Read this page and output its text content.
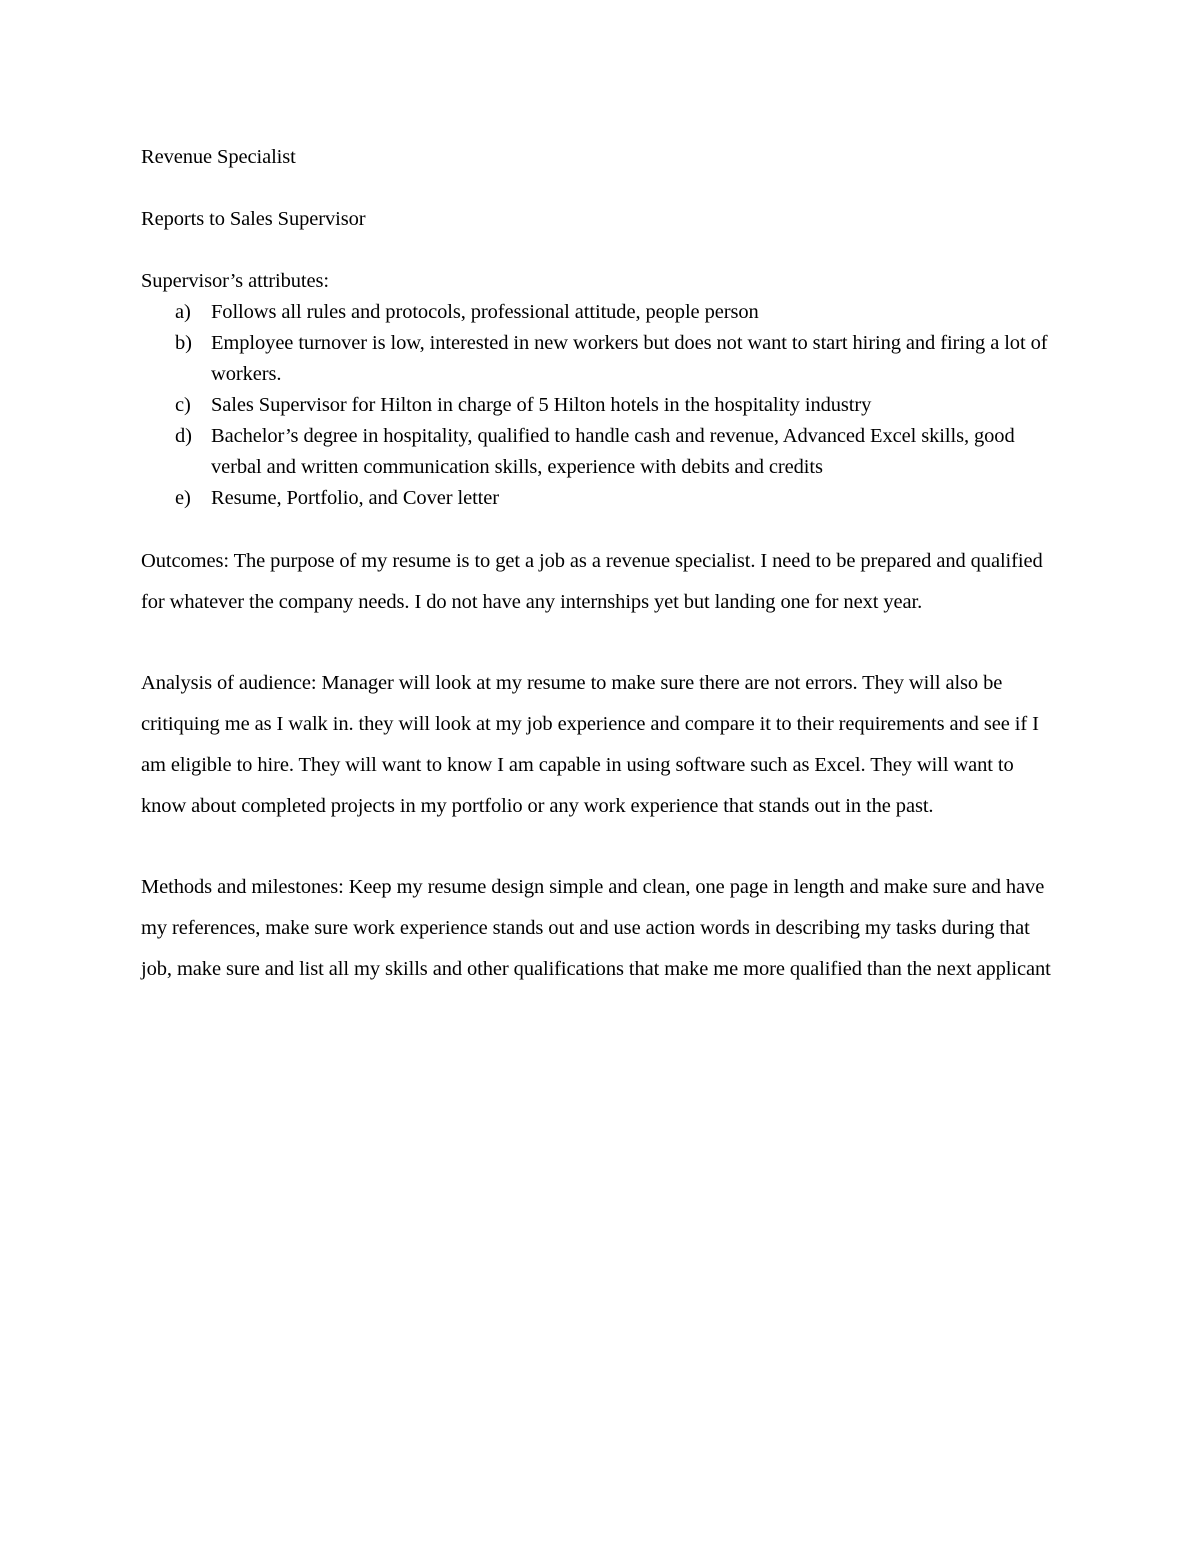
Revenue Specialist

Reports to Sales Supervisor

Supervisor’s attributes:

a) Follows all rules and protocols, professional attitude, people person
b) Employee turnover is low, interested in new workers but does not want to start hiring and firing a lot of workers.
c) Sales Supervisor for Hilton in charge of 5 Hilton hotels in the hospitality industry
d) Bachelor’s degree in hospitality, qualified to handle cash and revenue, Advanced Excel skills, good verbal and written communication skills, experience with debits and credits
e) Resume, Portfolio, and Cover letter

Outcomes: The purpose of my resume is to get a job as a revenue specialist. I need to be prepared and qualified for whatever the company needs. I do not have any internships yet but landing one for next year.

Analysis of audience: Manager will look at my resume to make sure there are not errors. They will also be critiquing me as I walk in. they will look at my job experience and compare it to their requirements and see if I am eligible to hire. They will want to know I am capable in using software such as Excel. They will want to know about completed projects in my portfolio or any work experience that stands out in the past.

Methods and milestones: Keep my resume design simple and clean, one page in length and make sure and have my references, make sure work experience stands out and use action words in describing my tasks during that job, make sure and list all my skills and other qualifications that make me more qualified than the next applicant
